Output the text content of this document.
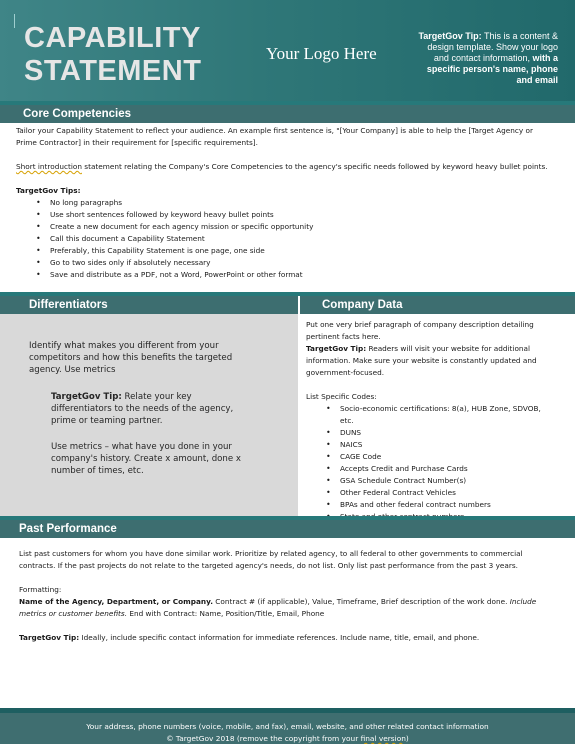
CAPABILITY
STATEMENT
Your Logo Here
TargetGov Tip: This is a content & design template. Show your logo and contact information, with a specific person's name, phone and email
Core Competencies

Tailor your Capability Statement to reflect your audience. An example first sentence is, "[Your Company] is able to help the [Target Agency or Prime Contractor] in their requirement for [specific requirements].

Short introduction statement relating the Company's Core Competencies to the agency's specific needs followed by keyword heavy bullet points.

TargetGov Tips:

• No long paragraphs
• Use short sentences followed by keyword heavy bullet points
• Create a new document for each agency mission or specific opportunity
• Call this document a Capability Statement
• Preferably, this Capability Statement is one page, one side
• Go to two sides only if absolutely necessary
• Save and distribute as a PDF, not a Word, PowerPoint or other format
Differentiators	Company Data
Identify what makes you different from your competitors and how this benefits the targeted agency. Use metrics
TargetGov Tip: Relate your key differentiators to the needs of the agency, prime or teaming partner.
Use metrics – what have you done in your company's history. Create x amount, done x number of times, etc.

Put one very brief paragraph of company description detailing pertinent facts here.

TargetGov Tip: Readers will visit your website for additional information. Make sure your website is constantly updated and government-focused.

List Specific Codes:

• Socio-economic certifications: 8(a), HUB Zone, SDVOB, etc.
• DUNS
• NAICS
• CAGE Code
• Accepts Credit and Purchase Cards
• GSA Schedule Contract Number(s)
• Other Federal Contract Vehicles
• BPAs and other federal contract numbers
•
Past Performance

List past customers for whom you have done similar work. Prioritize by related agency, to all federal to other governments to commercial contracts. If the past projects do not relate to the targeted agency's needs, do not list. Only list past performance from the past 3 years.

Formatting:

Name of the Agency, Department, or Company. Contract # (if applicable), Value, Timeframe, Brief description of the work done. Include metrics or customer benefits. End with Contract: Name, Position/Title, Email, Phone

TargetGov Tip: Ideally, include specific contact information for immediate references. Include name, title, email, and phone.

Your address, phone numbers (voice, mobile, and fax), email, website, and other related contact information
© TargetGov 2018 (remove the copyright from your final version)
